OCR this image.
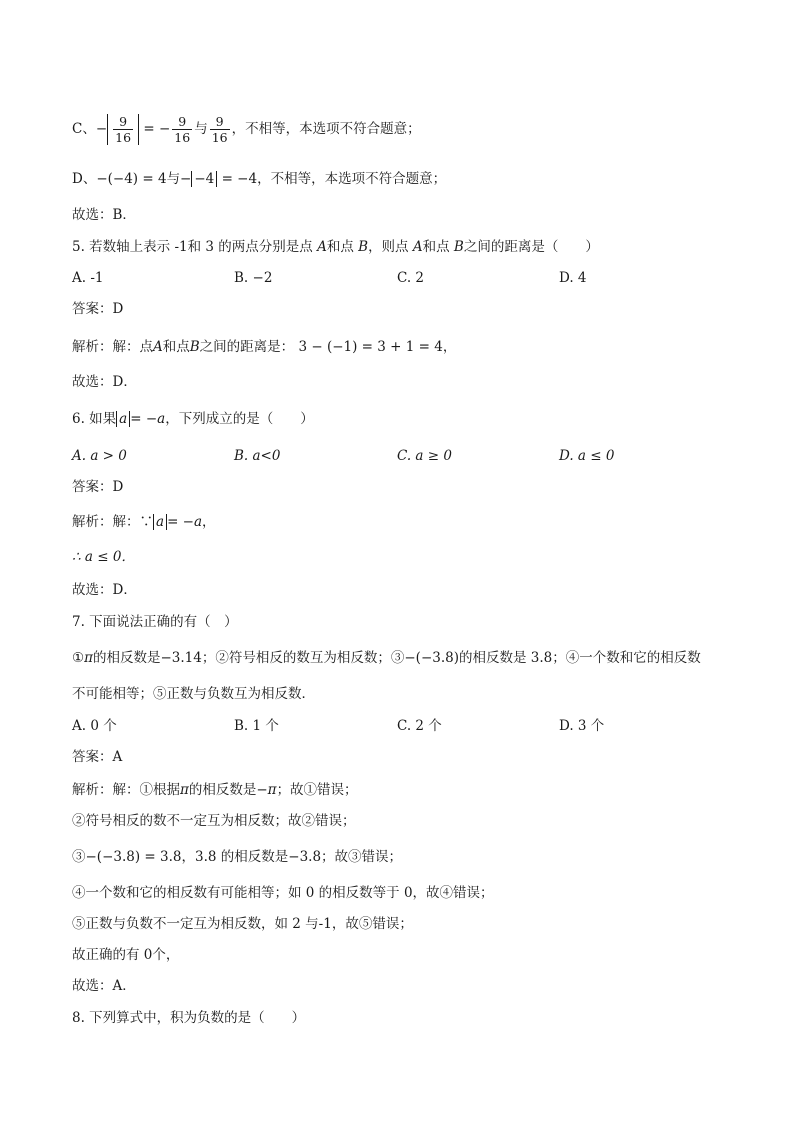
C、− $\frac{9}{16}$ = − $\frac{9}{16}$ 与 $\frac{9}{16}$ ，不相等，本选项不符合题意；
D、−(−4) = 4与− −4 = −4，不相等，本选项不符合题意；
故选：B．
5. 若数轴上表示 -1和 3 的两点分别是点 A和点 B，则点 A和点 B之间的距离是（　　）
A. -1	B. −2	C. 2	D. 4
答案：D
解析：解：点A和点B之间的距离是： 3 − (−1) = 3 + 1 = 4，
故选：D．
6. 如果 a = −a，下列成立的是（　　）
A. a > 0	B. a<0	C. a ≥ 0	D. a ≤ 0
答案：D
解析：解：∵ a = −a，
∴ a ≤ 0．
故选：D．
7. 下面说法正确的有（　）
①π的相反数是−3.14；②符号相反的数互为相反数；③−(−3.8)的相反数是 3.8；④一个数和它的相反数
不可能相等；⑤正数与负数互为相反数．
A. 0 个	B. 1 个	C. 2 个	D. 3 个
答案：A
解析：解：①根据π的相反数是−π；故①错误；
②符号相反的数不一定互为相反数；故②错误；
③−(−3.8) = 3.8，3.8 的相反数是−3.8；故③错误；
④一个数和它的相反数有可能相等；如 0 的相反数等于 0，故④错误；
⑤正数与负数不一定互为相反数，如 2 与-1，故⑤错误；
故正确的有 0个，
故选：A．
8. 下列算式中，积为负数的是（　　）
